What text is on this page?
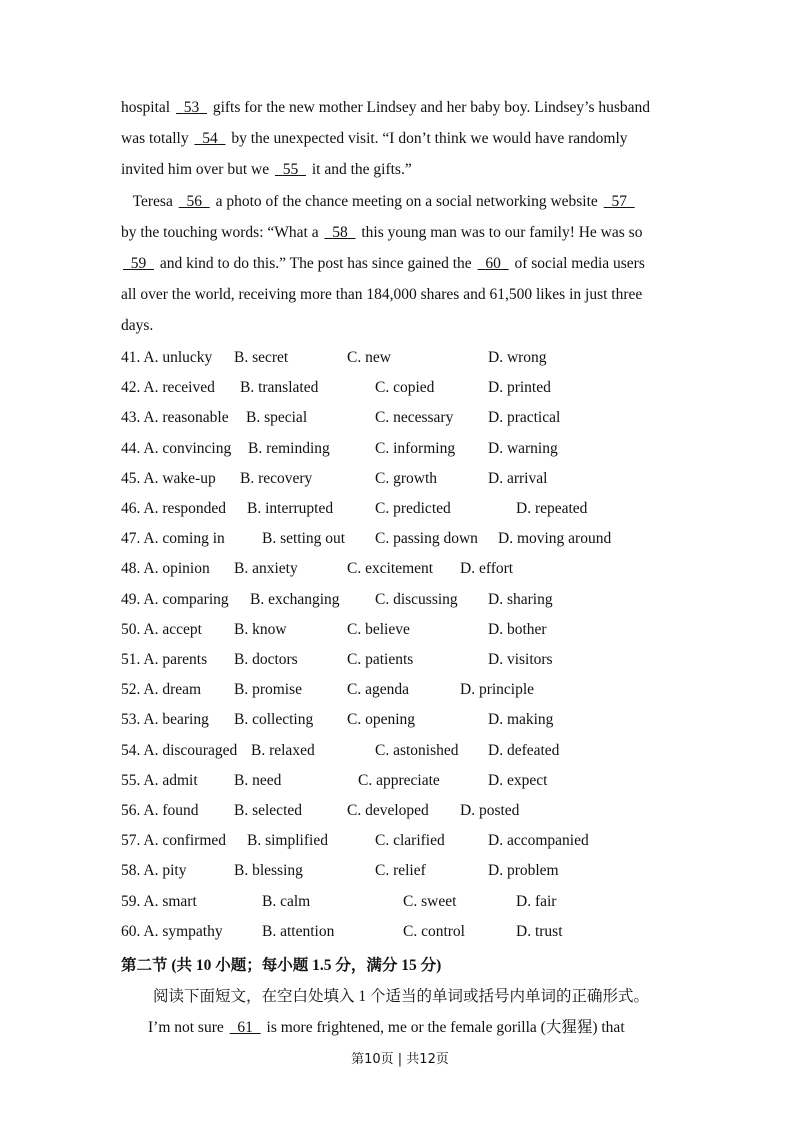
hospital 53 gifts for the new mother Lindsey and her baby boy. Lindsey’s husband
was totally 54 by the unexpected visit. “I don’t think we would have randomly
invited him over but we 55 it and the gifts.”
Teresa 56 a photo of the chance meeting on a social networking website 57
by the touching words: “What a 58 this young man was to our family! He was so
59 and kind to do this.” The post has since gained the 60 of social media users
all over the world, receiving more than 184,000 shares and 61,500 likes in just three
days.
41. A. unlucky B. secret	C. new	D. wrong
42. A. received B. translated	C. copied	D. printed
43. A. reasonable B. special	C. necessary D. practical
44. A. convincing B. reminding	C. informing D. warning
45. A. wake-up B. recovery	C. growth	D. arrival
46. A. responded B. interrupted	C. predicted	D. repeated
47. A. coming in B. setting out C. passing down D. moving around
48. A. opinion B. anxiety	C. excitement D. effort
49. A. comparing B. exchanging C. discussing D. sharing
50. A. accept B. know	C. believe	D. bother
51. A. parents B. doctors	C. patients	D. visitors
52. A. dream B. promise	C. agenda	D. principle
53. A. bearing B. collecting C. opening	D. making
54. A. discouraged B. relaxed	C. astonished D. defeated
55. A. admit B. need	C. appreciate	D. expect
56. A. found B. selected	C. developed D. posted
57. A. confirmed B. simplified	C. clarified	D. accompanied
58. A. pity	B. blessing	C. relief	D. problem
59. A. smart	B. calm	C. sweet	D. fair
60. A. sympathy	B. attention	C. control	D. trust
第二节 (共 10 小题；每小题 1.5 分，满分 15 分)
阅读下面短文，在空白处填入 1 个适当的单词或括号内单词的正确形式。
I’m not sure 61 is more frightened, me or the female gorilla (大猩猩) that
第10页 | 共12页
